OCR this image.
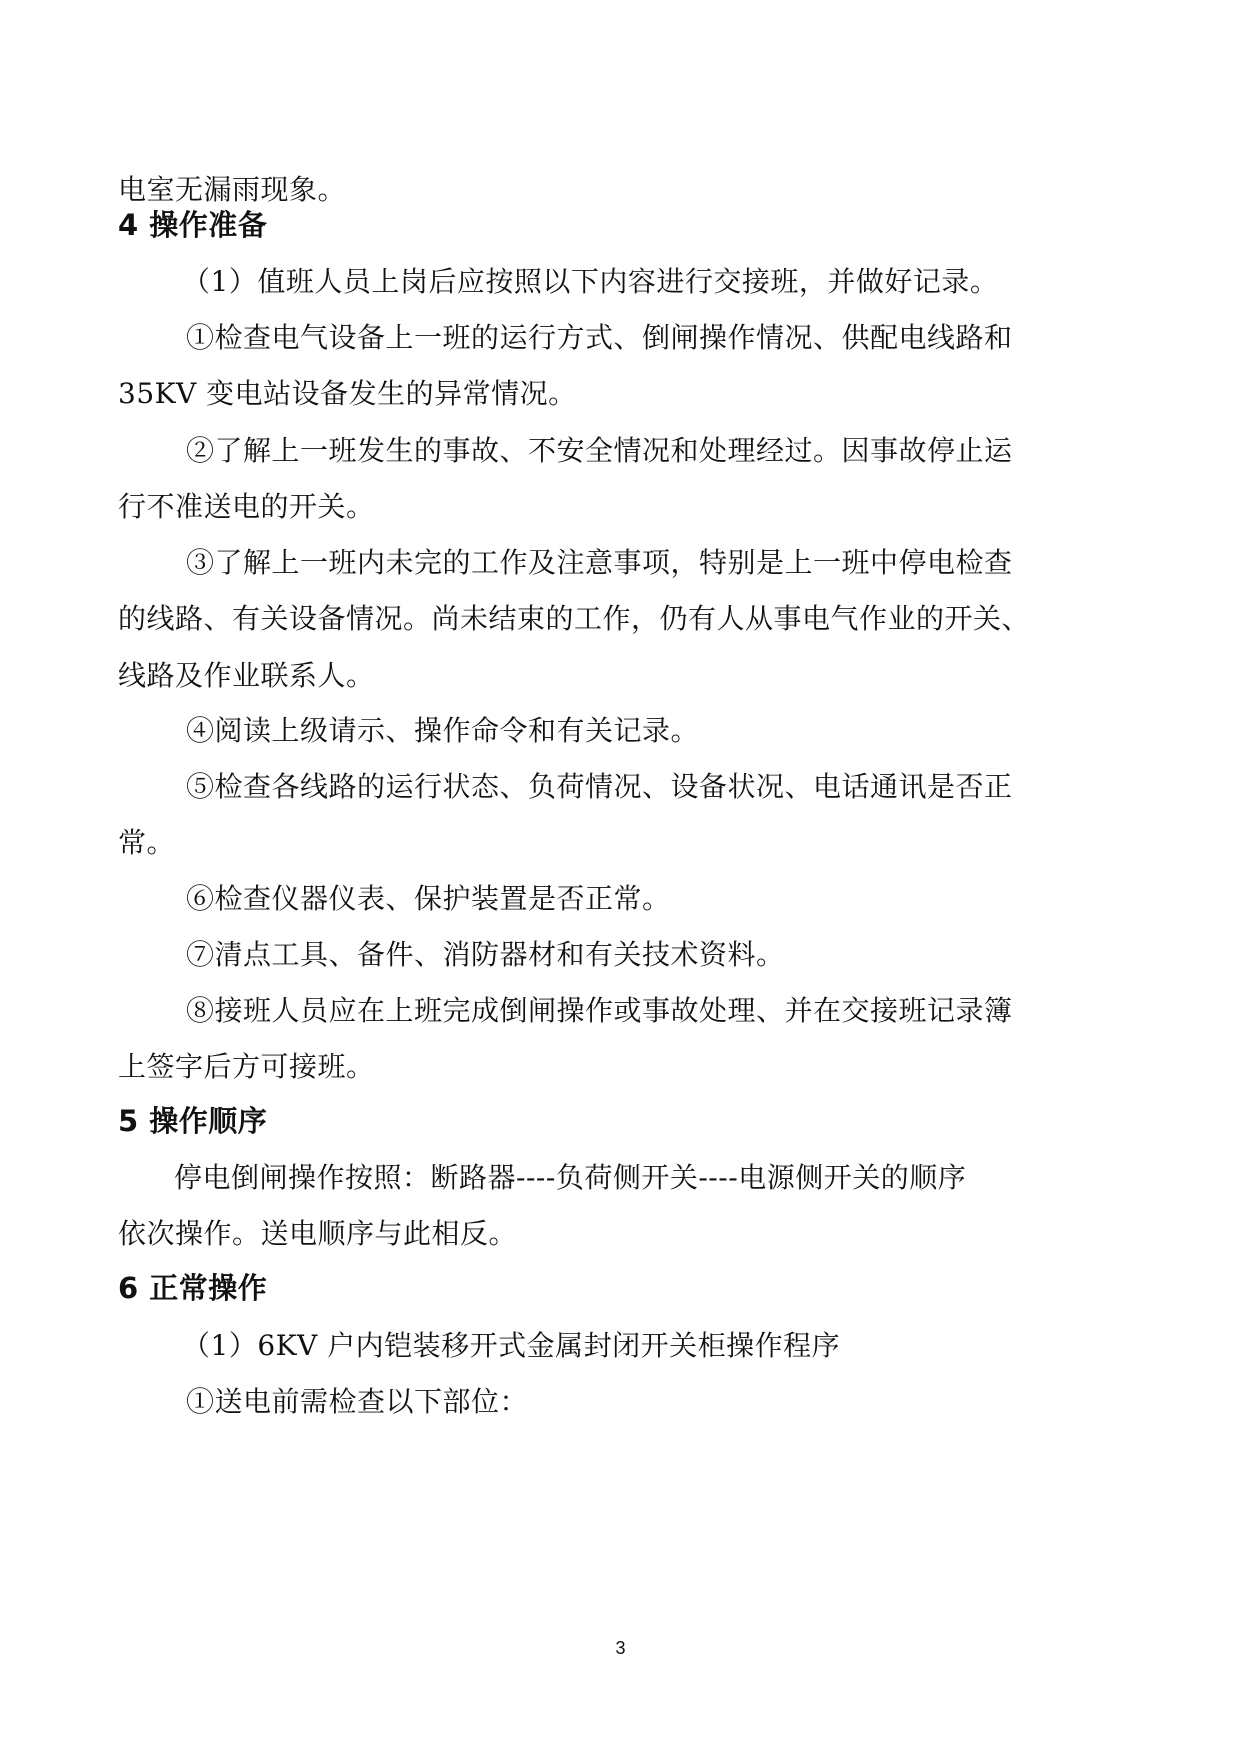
电室无漏雨现象。

4 操作准备

（1）值班人员上岗后应按照以下内容进行交接班，并做好记录。

①检查电气设备上一班的运行方式、倒闸操作情况、供配电线路和

35KV 变电站设备发生的异常情况。

②了解上一班发生的事故、不安全情况和处理经过。因事故停止运

行不准送电的开关。

③了解上一班内未完的工作及注意事项，特别是上一班中停电检查

的线路、有关设备情况。尚未结束的工作，仍有人从事电气作业的开关、

线路及作业联系人。

④阅读上级请示、操作命令和有关记录。

⑤检查各线路的运行状态、负荷情况、设备状况、电话通讯是否正

常。

⑥检查仪器仪表、保护装置是否正常。

⑦清点工具、备件、消防器材和有关技术资料。

⑧接班人员应在上班完成倒闸操作或事故处理、并在交接班记录簿

上签字后方可接班。

5 操作顺序

停电倒闸操作按照：断路器----负荷侧开关----电源侧开关的顺序

依次操作。送电顺序与此相反。

6 正常操作

（1）6KV 户内铠装移开式金属封闭开关柜操作程序

①送电前需检查以下部位：

3
